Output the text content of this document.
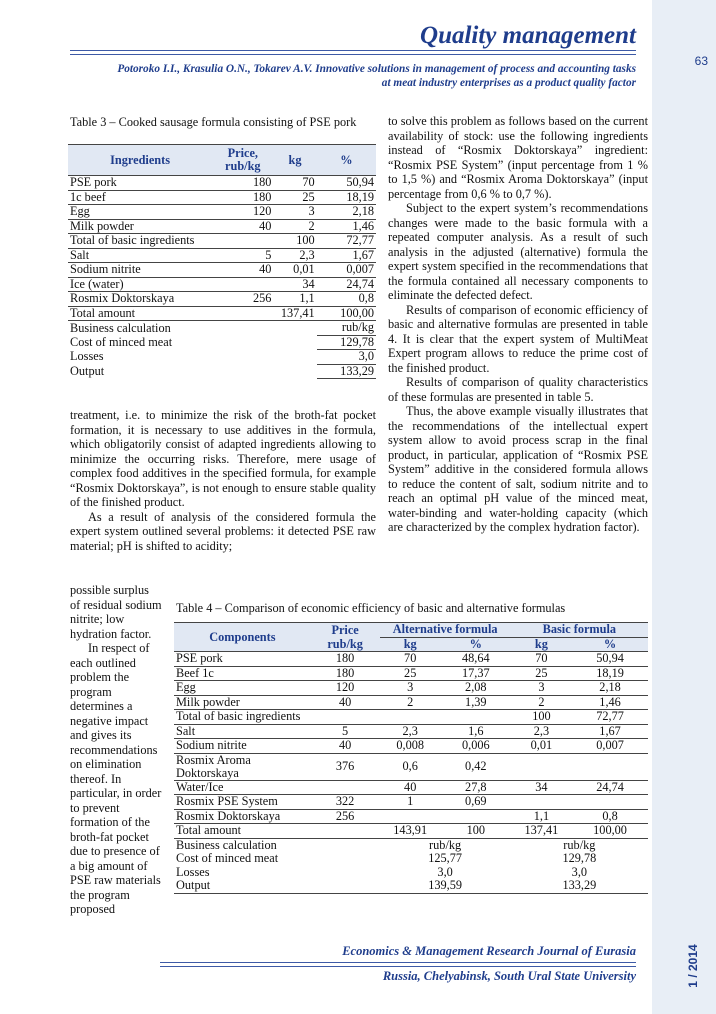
63
1 / 2014
Quality management
Potoroko I.I., Krasulia O.N., Tokarev A.V. Innovative solutions in management of process and accounting tasks
at meat industry enterprises as a product quality factor
Table 3 – Cooked sausage formula consisting of PSE pork
Ingredients	Price, rub/kg	kg	%
PSE pork	180	70	50,94
1c beef	180	25	18,19
Egg	120	3	2,18
Milk powder	40	2	1,46
Total of basic ingredients		100	72,77
Salt	5	2,3	1,67
Sodium nitrite	40	0,01	0,007
Ice (water)		34	24,74
Rosmix Doktorskaya	256	1,1	0,8
Total amount		137,41	100,00
Business calculation			rub/kg
Cost of minced meat			129,78
Losses			3,0
Output			133,29

to solve this problem as follows based on the current availability of stock: use the following ingredients instead of “Rosmix Doktorskaya” ingredient: “Rosmix PSE System” (input percentage from 1 % to 1,5 %) and “Rosmix Aroma Doktorskaya” (input percentage from 0,6 % to 0,7 %).

Subject to the expert system’s recommendations changes were made to the basic formula with a repeated computer analysis. As a result of such analysis in the adjusted (alternative) formula the expert system specified in the recommendations that the formula contained all necessary components to eliminate the defected defect.

Results of comparison of economic efficiency of basic and alternative formulas are presented in table 4. It is clear that the expert system of MultiMeat Expert program allows to reduce the prime cost of the finished product.

Results of comparison of quality characteristics of these formulas are presented in table 5.

Thus, the above example visually illustrates that the recommendations of the intellectual expert system allow to avoid process scrap in the final product, in particular, application of “Rosmix PSE System” additive in the considered formula allows to reduce the content of salt, sodium nitrite and to reach an optimal pH value of the minced meat, water-binding and water-holding capacity (which are characterized by the complex hydration factor).

treatment, i.e. to minimize the risk of the broth-fat pocket formation, it is necessary to use additives in the formula, which obligatorily consist of adapted ingredients allowing to minimize the occurring risks. Therefore, mere usage of complex food additives in the specified formula, for example “Rosmix Doktorskaya”, is not enough to ensure stable quality of the finished product.

As a result of analysis of the considered formula the expert system outlined several problems: it detected PSE raw material; pH is shifted to acidity;

possible surplus of residual sodium nitrite; low hydration factor.

In respect of each outlined problem the program determines a negative impact and gives its recommendations on elimination thereof. In particular, in order to prevent formation of the broth-fat pocket due to presence of a big amount of PSE raw materials the program proposed

Table 4 – Comparison of economic efficiency of basic and alternative formulas
Components	Price	Alternative formula		Basic formula	
	rub/kg	kg	%	kg	%
PSE pork	180	70	48,64	70	50,94
Beef 1c	180	25	17,37	25	18,19
Egg	120	3	2,08	3	2,18
Milk powder	40	2	1,39	2	1,46
Total of basic ingredients				100	72,77
Salt	5	2,3	1,6	2,3	1,67
Sodium nitrite	40	0,008	0,006	0,01	0,007
Rosmix Aroma Doktorskaya	376	0,6	0,42		
Water/Ice		40	27,8	34	24,74
Rosmix PSE System	322	1	0,69		
Rosmix Doktorskaya	256			1,1	0,8
Total amount		143,91	100	137,41	100,00
Business calculation		rub/kg		rub/kg	
Cost of minced meat		125,77		129,78	
Losses		3,0		3,0	
Output		139,59		133,29	
Economics & Management Research Journal of Eurasia
Russia, Chelyabinsk, South Ural State University
